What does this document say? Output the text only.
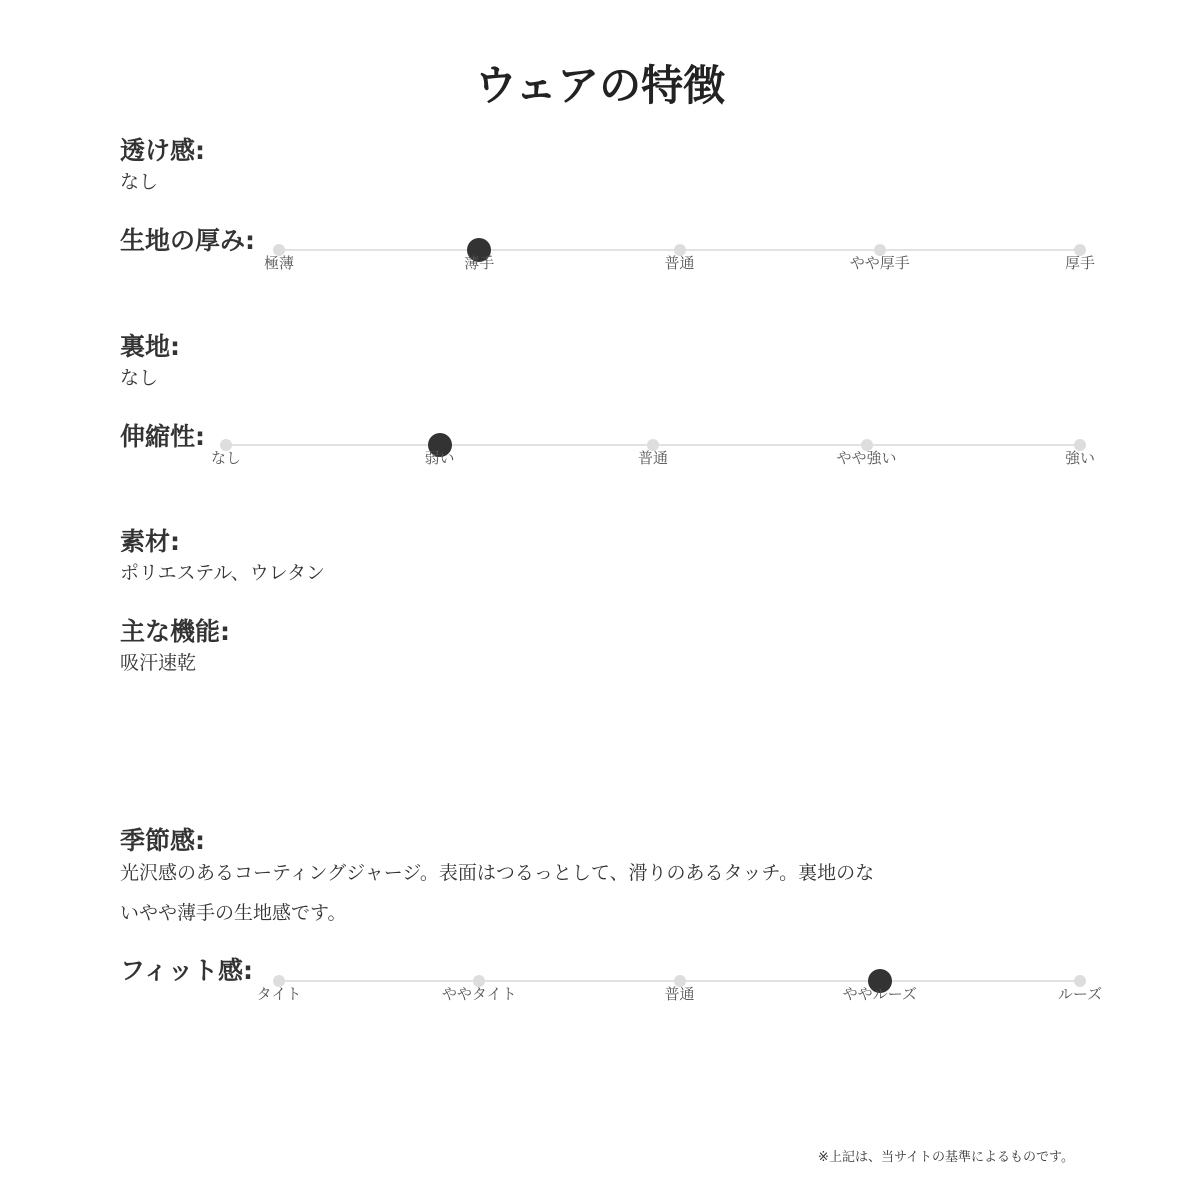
ウェアの特徴
透け感:
なし
生地の厚み:
極薄	薄手	普通	やや厚手	厚手
裏地:
なし
伸縮性:
なし	弱い	普通	やや強い	強い
素材:
ポリエステル、ウレタン
主な機能:
吸汗速乾
季節感:
光沢感のあるコーティングジャージ。表面はつるっとして、滑りのあるタッチ。裏地のないやや薄手の生地感です。
フィット感:
タイト	ややタイト	普通	ややルーズ	ルーズ
※上記は、当サイトの基準によるものです。
